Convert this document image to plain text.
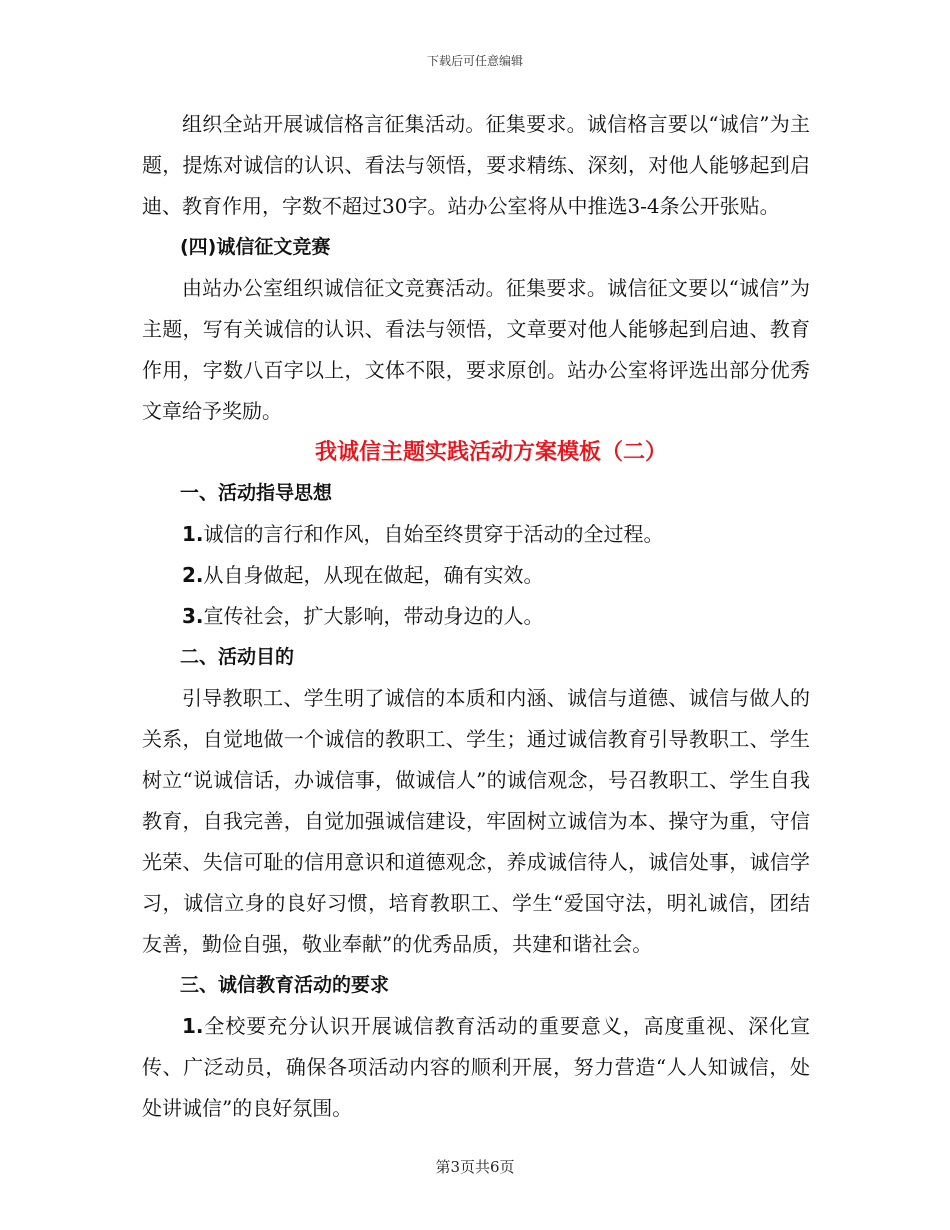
下载后可任意编辑

组织全站开展诚信格言征集活动。征集要求。诚信格言要以“诚信”为主题，提炼对诚信的认识、看法与领悟，要求精练、深刻，对他人能够起到启迪、教育作用，字数不超过30字。站办公室将从中推选3-4条公开张贴。

(四)诚信征文竞赛

由站办公室组织诚信征文竞赛活动。征集要求。诚信征文要以“诚信”为主题，写有关诚信的认识、看法与领悟，文章要对他人能够起到启迪、教育作用，字数八百字以上，文体不限，要求原创。站办公室将评选出部分优秀文章给予奖励。

我诚信主题实践活动方案模板（二）

一、活动指导思想

1.诚信的言行和作风，自始至终贯穿于活动的全过程。

2.从自身做起，从现在做起，确有实效。

3.宣传社会，扩大影响，带动身边的人。

二、活动目的

引导教职工、学生明了诚信的本质和内涵、诚信与道德、诚信与做人的关系，自觉地做一个诚信的教职工、学生；通过诚信教育引导教职工、学生树立“说诚信话，办诚信事，做诚信人”的诚信观念，号召教职工、学生自我教育，自我完善，自觉加强诚信建设，牢固树立诚信为本、操守为重，守信光荣、失信可耻的信用意识和道德观念，养成诚信待人，诚信处事，诚信学习，诚信立身的良好习惯，培育教职工、学生“爱国守法，明礼诚信，团结友善，勤俭自强，敬业奉献”的优秀品质，共建和谐社会。

三、诚信教育活动的要求

1.全校要充分认识开展诚信教育活动的重要意义，高度重视、深化宣传、广泛动员，确保各项活动内容的顺利开展，努力营造“人人知诚信，处处讲诚信”的良好氛围。

第3页共6页
